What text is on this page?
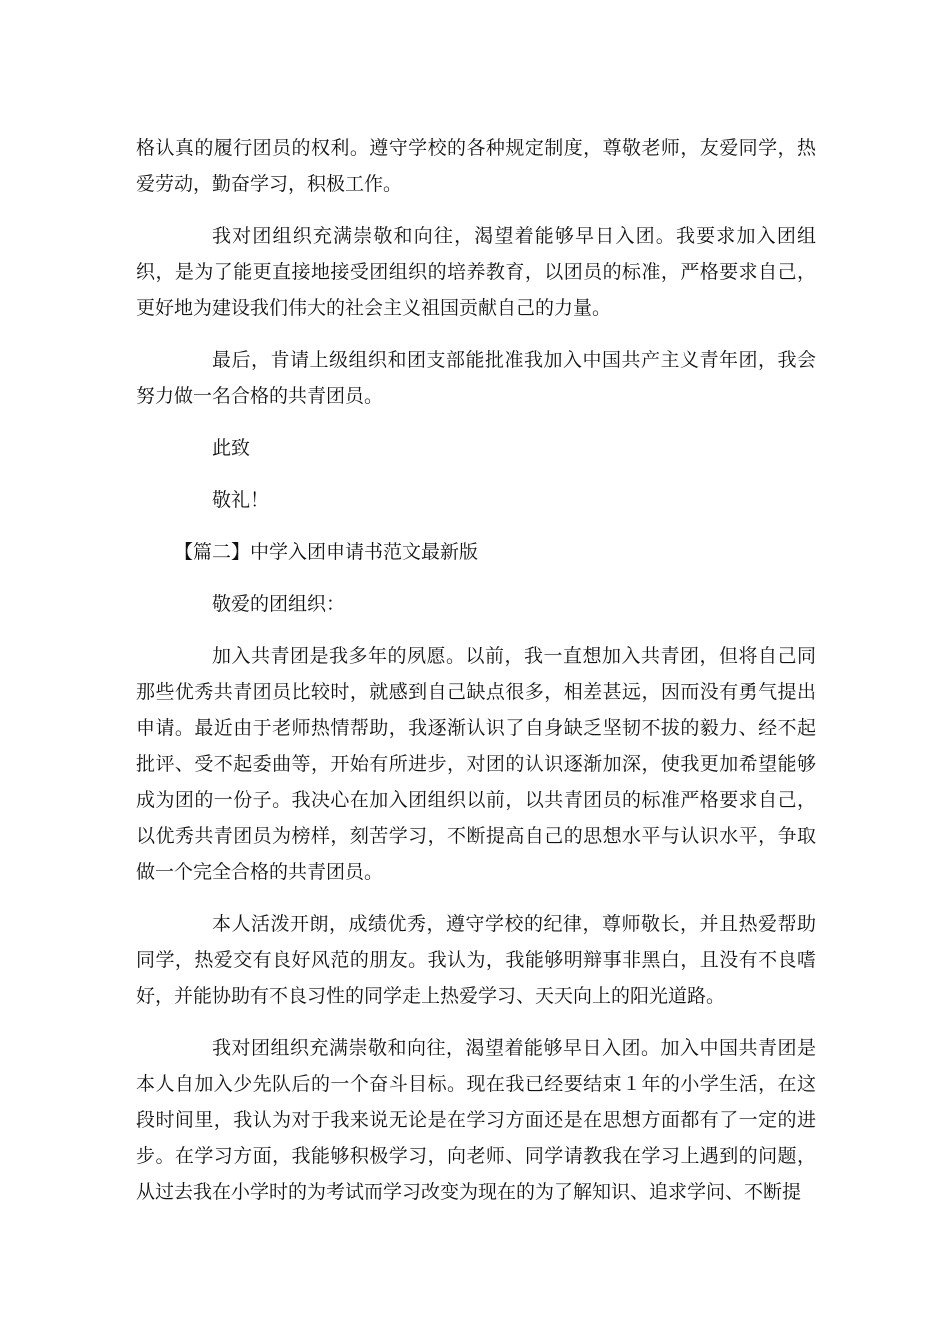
格认真的履行团员的权利。遵守学校的各种规定制度，尊敬老师，友爱同学，热爱劳动，勤奋学习，积极工作。

我对团组织充满崇敬和向往，渴望着能够早日入团。我要求加入团组织，是为了能更直接地接受团组织的培养教育，以团员的标准，严格要求自己，更好地为建设我们伟大的社会主义祖国贡献自己的力量。

最后，肯请上级组织和团支部能批准我加入中国共产主义青年团，我会努力做一名合格的共青团员。

此致

敬礼！

【篇二】中学入团申请书范文最新版

敬爱的团组织：

加入共青团是我多年的夙愿。以前，我一直想加入共青团，但将自己同那些优秀共青团员比较时，就感到自己缺点很多，相差甚远，因而没有勇气提出申请。最近由于老师热情帮助，我逐渐认识了自身缺乏坚韧不拔的毅力、经不起批评、受不起委曲等，开始有所进步，对团的认识逐渐加深，使我更加希望能够成为团的一份子。我决心在加入团组织以前，以共青团员的标准严格要求自己，以优秀共青团员为榜样，刻苦学习，不断提高自己的思想水平与认识水平，争取做一个完全合格的共青团员。

本人活泼开朗，成绩优秀，遵守学校的纪律，尊师敬长，并且热爱帮助同学，热爱交有良好风范的朋友。我认为，我能够明辩事非黑白，且没有不良嗜好，并能协助有不良习性的同学走上热爱学习、天天向上的阳光道路。

我对团组织充满崇敬和向往，渴望着能够早日入团。加入中国共青团是本人自加入少先队后的一个奋斗目标。现在我已经要结束１年的小学生活，在这段时间里，我认为对于我来说无论是在学习方面还是在思想方面都有了一定的进步。在学习方面，我能够积极学习，向老师、同学请教我在学习上遇到的问题，从过去我在小学时的为考试而学习改变为现在的为了解知识、追求学问、不断提
